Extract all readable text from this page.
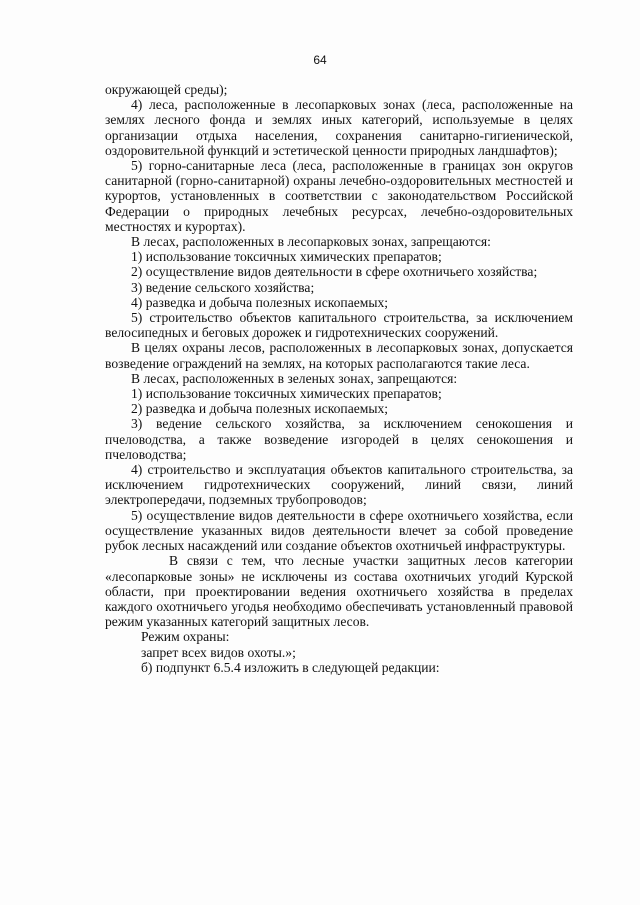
64

окружающей среды);

4) леса, расположенные в лесопарковых зонах (леса, расположенные на землях лесного фонда и землях иных категорий, используемые в целях организации отдыха населения, сохранения санитарно-гигиенической, оздоровительной функций и эстетической ценности природных ландшафтов);

5) горно-санитарные леса (леса, расположенные в границах зон округов санитарной (горно-санитарной) охраны лечебно-оздоровительных местностей и курортов, установленных в соответствии с законодательством Российской Федерации о природных лечебных ресурсах, лечебно-оздоровительных местностях и курортах).

В лесах, расположенных в лесопарковых зонах, запрещаются:

1) использование токсичных химических препаратов;

2) осуществление видов деятельности в сфере охотничьего хозяйства;

3) ведение сельского хозяйства;

4) разведка и добыча полезных ископаемых;

5) строительство объектов капитального строительства, за исключением велосипедных и беговых дорожек и гидротехнических сооружений.

В целях охраны лесов, расположенных в лесопарковых зонах, допускается возведение ограждений на землях, на которых располагаются такие леса.

В лесах, расположенных в зеленых зонах, запрещаются:

1) использование токсичных химических препаратов;

2) разведка и добыча полезных ископаемых;

3) ведение сельского хозяйства, за исключением сенокошения и пчеловодства, а также возведение изгородей в целях сенокошения и пчеловодства;

4) строительство и эксплуатация объектов капитального строительства, за исключением гидротехнических сооружений, линий связи, линий электропередачи, подземных трубопроводов;

5) осуществление видов деятельности в сфере охотничьего хозяйства, если осуществление указанных видов деятельности влечет за собой проведение рубок лесных насаждений или создание объектов охотничьей инфраструктуры.

В связи с тем, что лесные участки защитных лесов категории «лесопарковые зоны» не исключены из состава охотничьих угодий Курской области, при проектировании ведения охотничьего хозяйства в пределах каждого охотничьего угодья необходимо обеспечивать установленный правовой режим указанных категорий защитных лесов.

Режим охраны:

запрет всех видов охоты.»;

б) подпункт 6.5.4 изложить в следующей редакции:
